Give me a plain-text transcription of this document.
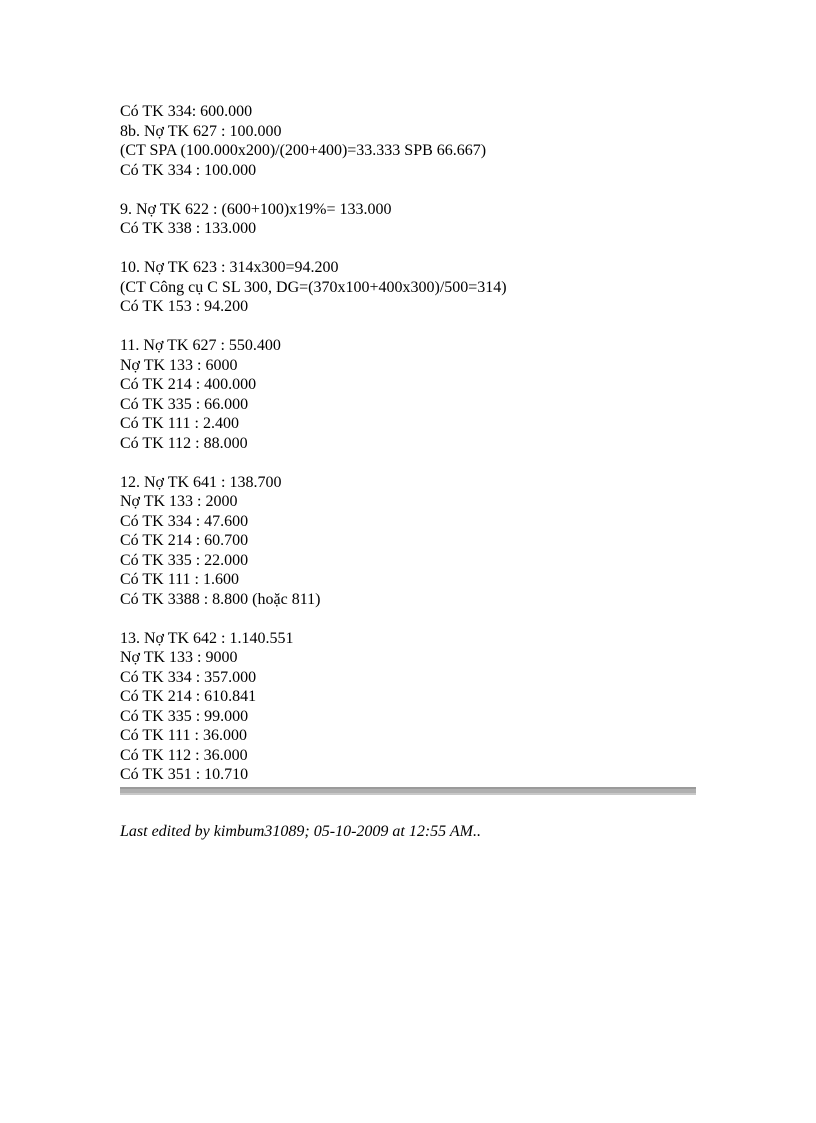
Có TK 334: 600.000
8b. Nợ TK 627 : 100.000
(CT SPA (100.000x200)/(200+400)=33.333 SPB 66.667)
Có TK 334 : 100.000
9. Nợ TK 622 : (600+100)x19%= 133.000
Có TK 338 : 133.000
10. Nợ TK 623 : 314x300=94.200
(CT Công cụ C SL 300, DG=(370x100+400x300)/500=314)
Có TK 153 : 94.200
11. Nợ TK 627 : 550.400
Nợ TK 133 : 6000
Có TK 214 : 400.000
Có TK 335 : 66.000
Có TK 111 : 2.400
Có TK 112 : 88.000
12. Nợ TK 641 : 138.700
Nợ TK 133 : 2000
Có TK 334 : 47.600
Có TK 214 : 60.700
Có TK 335 : 22.000
Có TK 111 : 1.600
Có TK 3388 : 8.800 (hoặc 811)
13. Nợ TK 642 : 1.140.551
Nợ TK 133 : 9000
Có TK 334 : 357.000
Có TK 214 : 610.841
Có TK 335 : 99.000
Có TK 111 : 36.000
Có TK 112 : 36.000
Có TK 351 : 10.710
Last edited by kimbum31089; 05-10-2009 at 12:55 AM..
